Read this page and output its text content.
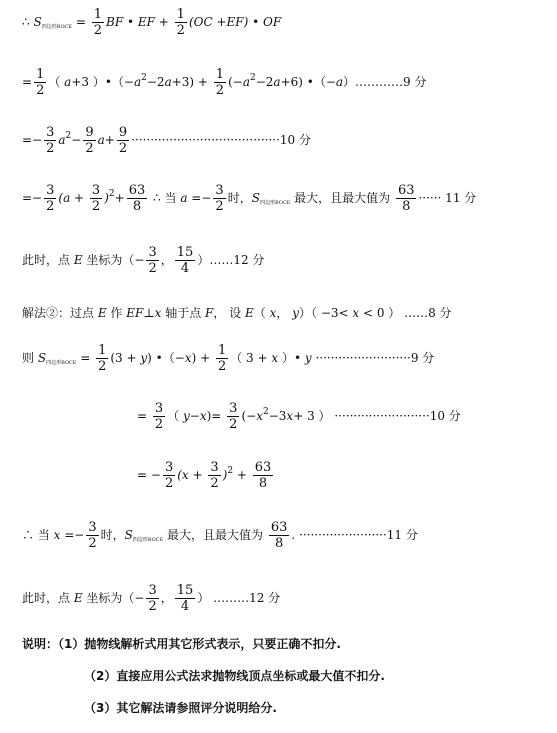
∴ $S_{四边形BOCE} = \frac{1}{2}$ BF • EF + $\frac{1}{2} (OC +EF)$ • OF
= $\frac{1}{2}$ （ a+3 ）$•(-a^2-2a+3) + \frac{1}{2} (-a^2-2a+6)$ •（−a）…………9 分
=− $\frac{3}{2} a^2- \frac{9}{2} a+ \frac{9}{2} \cdot\cdot\cdot\cdot\cdot\cdot\cdot\cdot\cdot\cdot\cdot\cdot\cdot\cdot\cdot\cdot\cdot\cdot\cdot\cdot\cdot\cdot\cdot\cdot\cdot\cdot\cdot\cdot\cdot\cdot\cdot\cdot\cdot\cdot\cdot\cdot\cdot\cdot\cdot 10$ 分
=− $\frac{3}{2} (a + \frac{3}{2} )^2+ \frac{63}{8}$ ∴ 当 $a =- \frac{3}{2}$ 时，$S_{四边形BOCE}$ 最大，且最大值为 $\frac{63}{8}$ ······ 11 分
此时，点 E 坐标为（− $\frac{3}{2}$ ， $\frac{15}{4}$ ）……12 分
解法②：过点 E 作 EF⊥x 轴于点 F， 设 E（ x， y）（ −3< x < 0 ） ……8 分
则 $S_{四边形BOCE} = \frac{1}{2} (3 + y)$ •（−x) + $\frac{1}{2}$ （ 3 + x ）• y ·························9 分
= $\frac{3}{2}$ （ $y-x)= \frac{3}{2} (-x^2-3x+ 3$ ） ·························10 分
= − $\frac{3}{2} (x + \frac{3}{2} )^2 + \frac{63}{8}$
∴ 当 $x =- \frac{3}{2}$ 时，$S_{四边形BOCE}$ 最大，且最大值为 $\frac{63}{8}$ . ·······················11 分
此时，点 E 坐标为（− $\frac{3}{2}$ ， $\frac{15}{4}$ ） ………12 分
说明：（1）抛物线解析式用其它形式表示，只要正确不扣分.
（2）直接应用公式法求抛物线顶点坐标或最大值不扣分.
（3）其它解法请参照评分说明给分.
